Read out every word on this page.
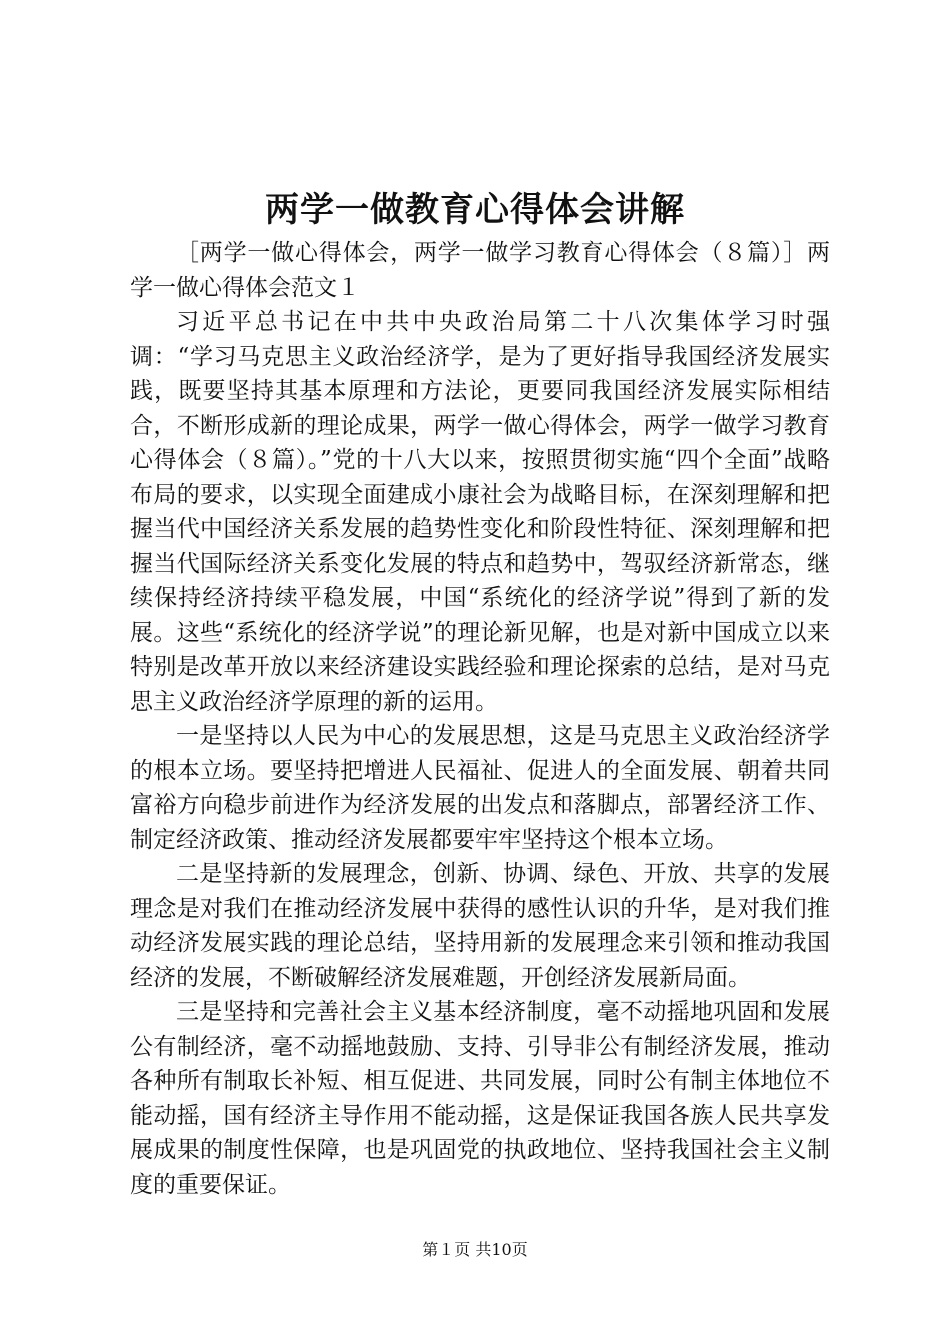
两学一做教育心得体会讲解

［两学一做心得体会，两学一做学习教育心得体会（８篇）］两学一做心得体会范文１

习近平总书记在中共中央政治局第二十八次集体学习时强调：“学习马克思主义政治经济学，是为了更好指导我国经济发展实践，既要坚持其基本原理和方法论，更要同我国经济发展实际相结合，不断形成新的理论成果，两学一做心得体会，两学一做学习教育心得体会（８篇）。”党的十八大以来，按照贯彻实施“四个全面”战略布局的要求，以实现全面建成小康社会为战略目标，在深刻理解和把握当代中国经济关系发展的趋势性变化和阶段性特征、深刻理解和把握当代国际经济关系变化发展的特点和趋势中，驾驭经济新常态，继续保持经济持续平稳发展，中国“系统化的经济学说”得到了新的发展。这些“系统化的经济学说”的理论新见解，也是对新中国成立以来特别是改革开放以来经济建设实践经验和理论探索的总结，是对马克思主义政治经济学原理的新的运用。

一是坚持以人民为中心的发展思想，这是马克思主义政治经济学的根本立场。要坚持把增进人民福祉、促进人的全面发展、朝着共同富裕方向稳步前进作为经济发展的出发点和落脚点，部署经济工作、制定经济政策、推动经济发展都要牢牢坚持这个根本立场。

二是坚持新的发展理念，创新、协调、绿色、开放、共享的发展理念是对我们在推动经济发展中获得的感性认识的升华，是对我们推动经济发展实践的理论总结，坚持用新的发展理念来引领和推动我国经济的发展，不断破解经济发展难题，开创经济发展新局面。

三是坚持和完善社会主义基本经济制度，毫不动摇地巩固和发展公有制经济，毫不动摇地鼓励、支持、引导非公有制经济发展，推动各种所有制取长补短、相互促进、共同发展，同时公有制主体地位不能动摇，国有经济主导作用不能动摇，这是保证我国各族人民共享发展成果的制度性保障，也是巩固党的执政地位、坚持我国社会主义制度的重要保证。

第１页 共10页
